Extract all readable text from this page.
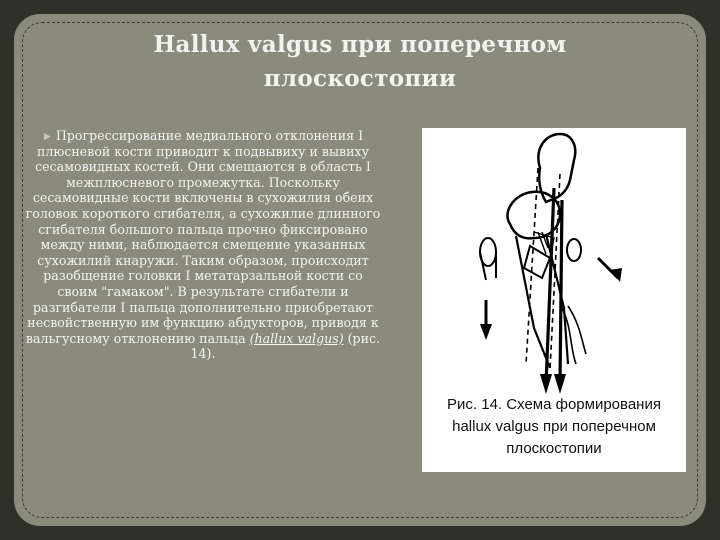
Hallux valgus при поперечном
плоскостопии
▶ Прогрессирование медиального отклонения I плюсневой кости приводит к подвывиху и вывиху сесамовидных костей. Они смещаются в область I межплюсневого промежутка. Поскольку сесамовидные кости включены в сухожилия обеих головок короткого сгибателя, а сухожилие длинного сгибателя большого пальца прочно фиксировано между ними, наблюдается смещение указанных сухожилий кнаружи. Таким образом, происходит разобщение головки I метатарзальной кости со своим "гамаком". В результате сгибатели и разгибатели I пальца дополнительно приобретают несвойственную им функцию абдукторов, приводя к вальгусному отклонению пальца (hallux valgus) (рис. 14).
Рис. 14. Схема формирования
hallux valgus при поперечном
плоскостопии
